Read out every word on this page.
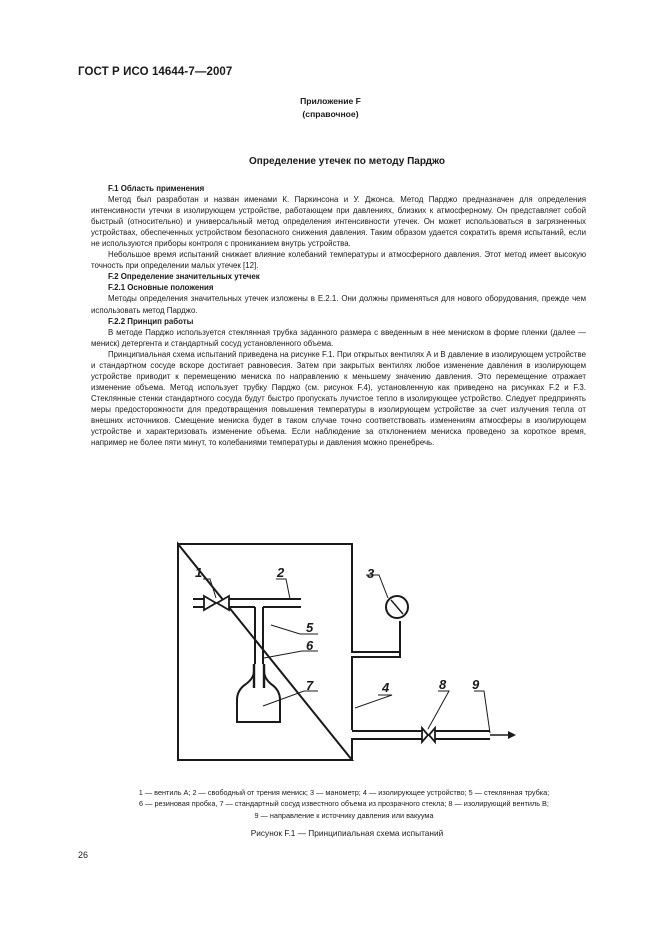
ГОСТ Р ИСО 14644-7—2007
Приложение F
(справочное)
Определение утечек по методу Парджо

F.1 Область применения

Метод был разработан и назван именами К. Паркинсона и У. Джонса. Метод Парджо предназначен для определения интенсивности утечки в изолирующем устройстве, работающем при давлениях, близких к атмосферному. Он представляет собой быстрый (относительно) и универсальный метод определения интенсивности утечек. Он может использоваться в загрязненных устройствах, обеспеченных устройством безопасного снижения давления. Таким образом удается сократить время испытаний, если не используются приборы контроля с прониканием внутрь устройства.

Небольшое время испытаний снижает влияние колебаний температуры и атмосферного давления. Этот метод имеет высокую точность при определении малых утечек [12].

F.2 Определение значительных утечек

F.2.1 Основные положения

Методы определения значительных утечек изложены в Е.2.1. Они должны применяться для нового оборудования, прежде чем использовать метод Парджо.

F.2.2 Принцип работы

В методе Парджо используется стеклянная трубка заданного размера с введенным в нее мениском в форме пленки (далее — мениск) детергента и стандартный сосуд установленного объема.

Принципиальная схема испытаний приведена на рисунке F.1. При открытых вентилях А и В давление в изолирующем устройстве и стандартном сосуде вскоре достигает равновесия. Затем при закрытых вентилях любое изменение давления в изолирующем устройстве приводит к перемещению мениска по направлению к меньшему значению давления. Это перемещение отражает изменение объема. Метод использует трубку Парджо (см. рисунок F.4), установленную как приведено на рисунках F.2 и F.3. Стеклянные стенки стандартного сосуда будут быстро пропускать лучистое тепло в изолирующее устройство. Следует предпринять меры предосторожности для предотвращения повышения температуры в изолирующем устройстве за счет излучения тепла от внешних источников. Смещение мениска будет в таком случае точно соответствовать изменениям атмосферы в изолирующем устройстве и характеризовать изменение объема. Если наблюдение за отклонением мениска проведено за короткое время, например не более пяти минут, то колебаниями температуры и давления можно пренебречь.

1	2	3
4
5
6
7	8 9
1 — вентиль А; 2 — свободный от трения мениск; 3 — манометр; 4 — изолирующее устройство; 5 — стеклянная трубка;
6 — резиновая пробка, 7 — стандартный сосуд известного объема из прозрачного стекла; 8 — изолирующий вентиль В;
9 — направление к источнику давления или вакуума
Рисунок F.1 — Принципиальная схема испытаний
26
